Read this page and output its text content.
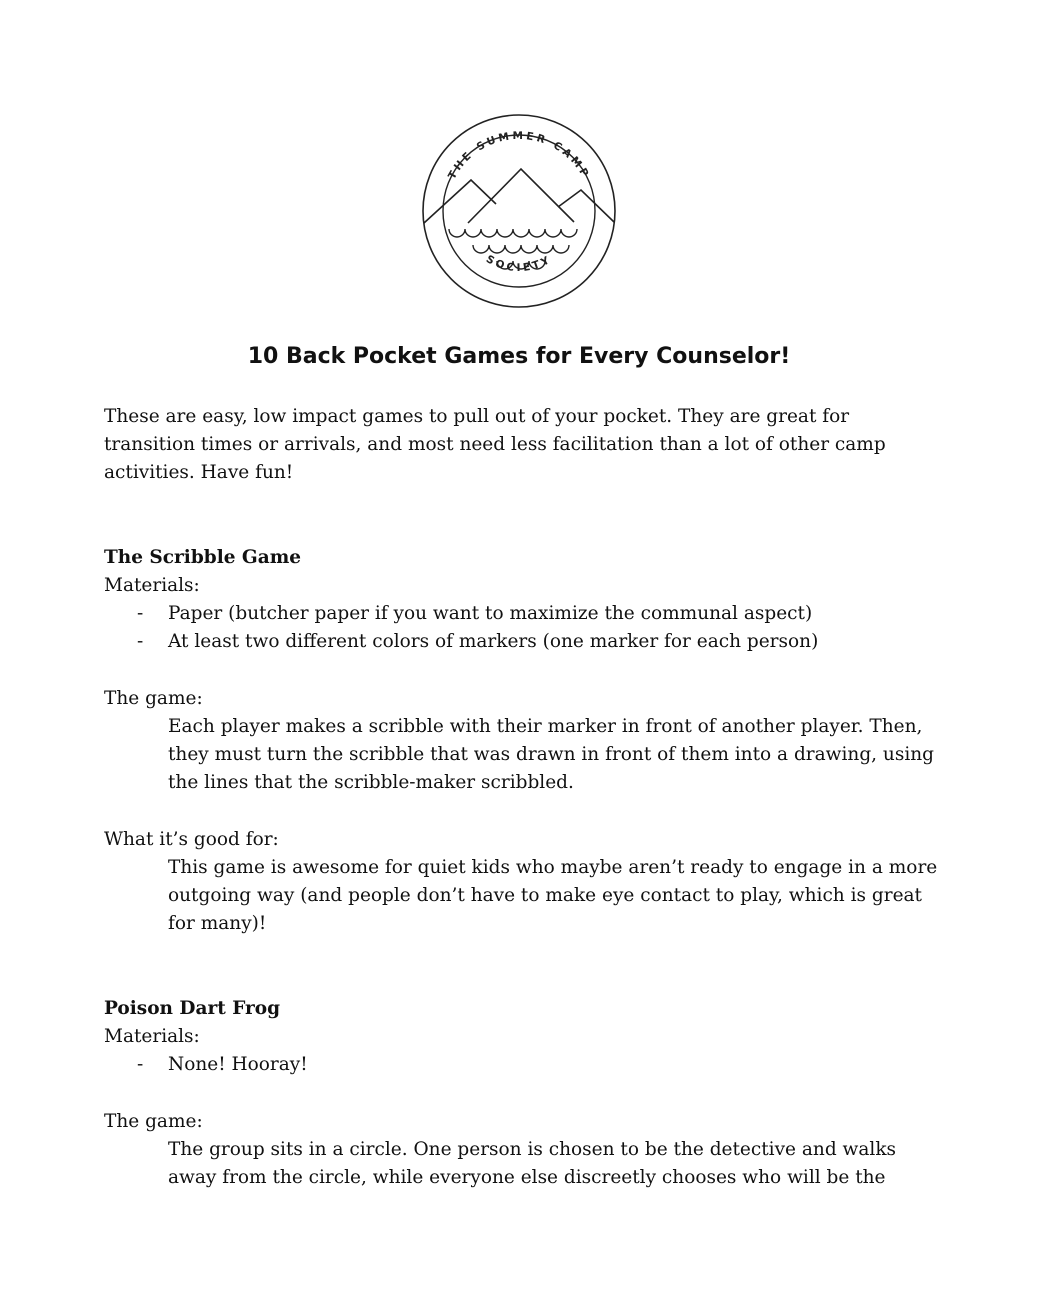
THE SUMMER CAMP
SOCIETY
10 Back Pocket Games for Every Counselor!

These are easy, low impact games to pull out of your pocket. They are great for transition times or arrivals, and most need less facilitation than a lot of other camp activities. Have fun!

The Scribble Game

Materials:

- Paper (butcher paper if you want to maximize the communal aspect)
- At least two different colors of markers (one marker for each person)

The game:

Each player makes a scribble with their marker in front of another player. Then, they must turn the scribble that was drawn in front of them into a drawing, using the lines that the scribble-maker scribbled.

What it’s good for:

This game is awesome for quiet kids who maybe aren’t ready to engage in a more outgoing way (and people don’t have to make eye contact to play, which is great for many)!

Poison Dart Frog

Materials:

- None! Hooray!

The game:

The group sits in a circle. One person is chosen to be the detective and walks away from the circle, while everyone else discreetly chooses who will be the
